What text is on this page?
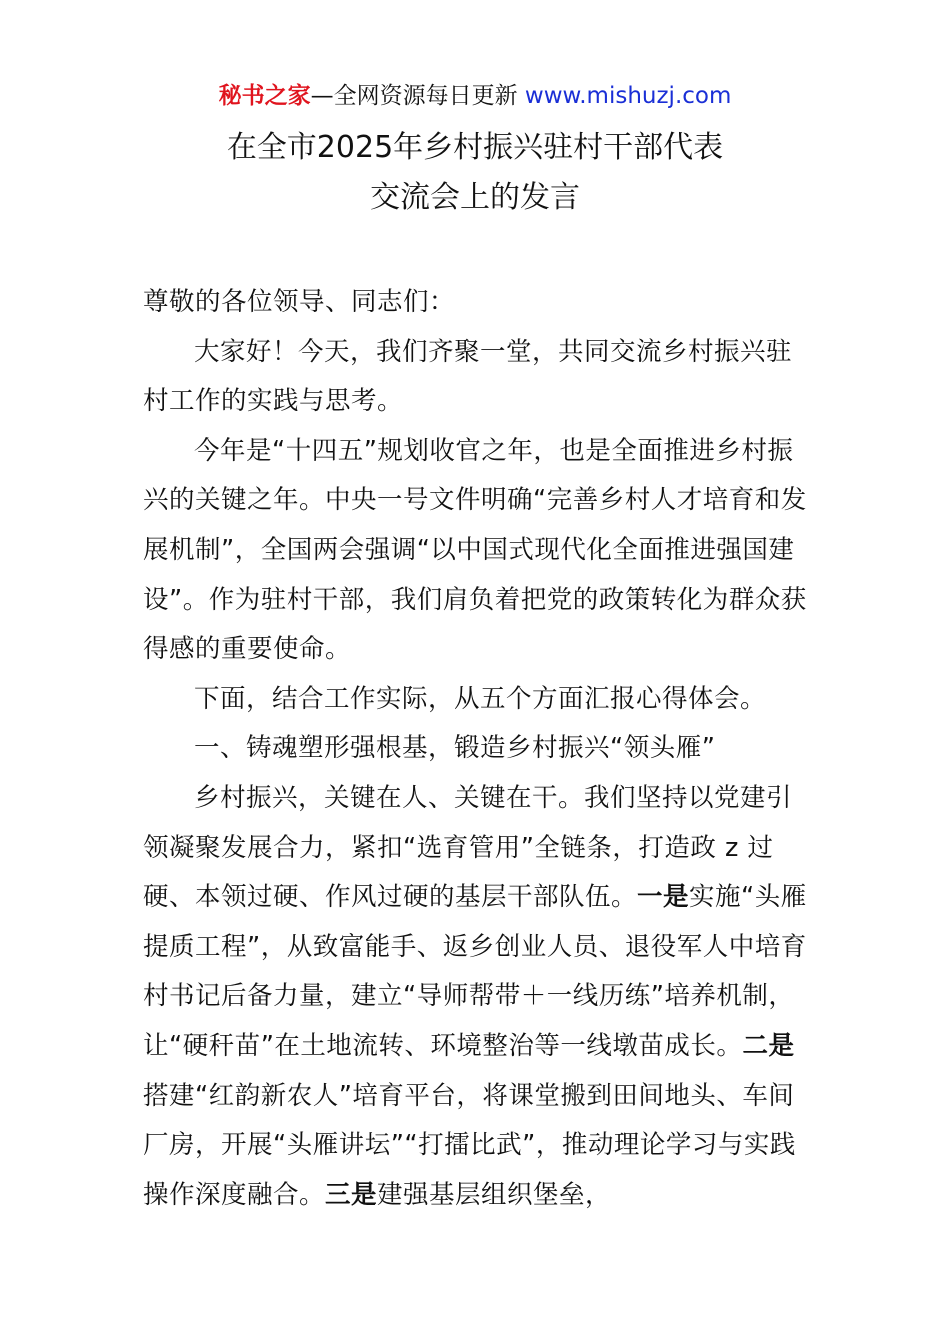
秘书之家—全网资源每日更新 www.mishuzj.com
在全市2025年乡村振兴驻村干部代表
交流会上的发言

尊敬的各位领导、同志们：

大家好！今天，我们齐聚一堂，共同交流乡村振兴驻村工作的实践与思考。

今年是“十四五”规划收官之年，也是全面推进乡村振兴的关键之年。中央一号文件明确“完善乡村人才培育和发展机制”，全国两会强调“以中国式现代化全面推进强国建设”。作为驻村干部，我们肩负着把党的政策转化为群众获得感的重要使命。

下面，结合工作实际，从五个方面汇报心得体会。

一、铸魂塑形强根基，锻造乡村振兴“领头雁”

乡村振兴，关键在人、关键在干。我们坚持以党建引领凝聚发展合力，紧扣“选育管用”全链条，打造政 z 过硬、本领过硬、作风过硬的基层干部队伍。一是实施“头雁提质工程”，从致富能手、返乡创业人员、退役军人中培育村书记后备力量，建立“导师帮带＋一线历练”培养机制，让“硬秆苗”在土地流转、环境整治等一线墩苗成长。二是搭建“红韵新农人”培育平台，将课堂搬到田间地头、车间厂房，开展“头雁讲坛”“打擂比武”，推动理论学习与实践操作深度融合。三是建强基层组织堡垒，
